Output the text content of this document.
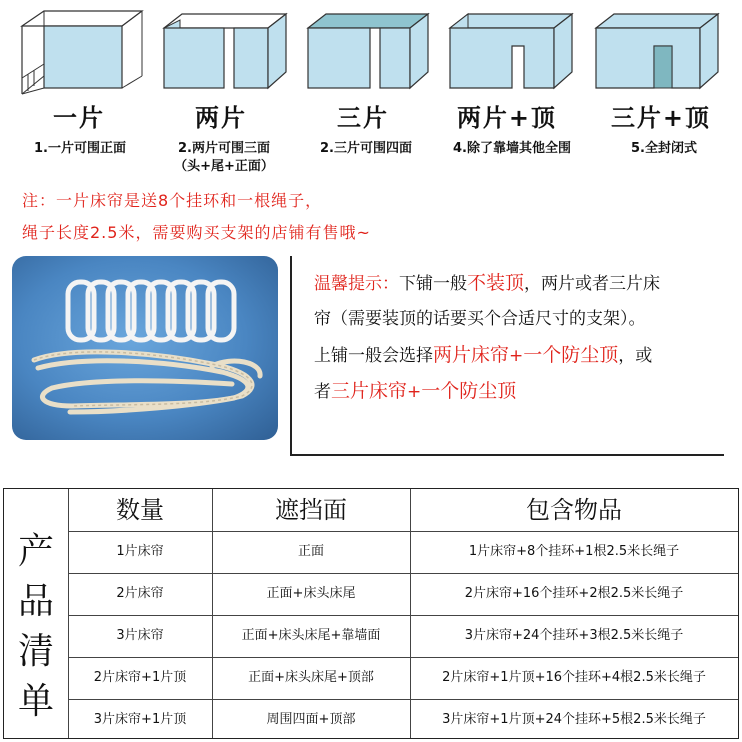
一片	两片	三片	两片+顶	三片+顶
1.一片可围正面	2.两片可围三面
（头+尾+正面）
2.三片可围四面	4.除了靠墙其他全围	5.全封闭式
注：一片床帘是送8个挂环和一根绳子，
绳子长度2.5米，需要购买支架的店铺有售哦~
温馨提示：下铺一般不装顶，两片或者三片床
帘（需要装顶的话要买个合适尺寸的支架）。
上铺一般会选择两片床帘+一个防尘顶，或
者三片床帘+一个防尘顶
产
品
清
单
数量	遮挡面	包含物品
1片床帘	正面	1片床帘+8个挂环+1根2.5米长绳子
2片床帘	正面+床头床尾	2片床帘+16个挂环+2根2.5米长绳子
3片床帘	正面+床头床尾+靠墙面	3片床帘+24个挂环+3根2.5米长绳子
2片床帘+1片顶	正面+床头床尾+顶部	2片床帘+1片顶+16个挂环+4根2.5米长绳子
3片床帘+1片顶	周围四面+顶部	3片床帘+1片顶+24个挂环+5根2.5米长绳子
